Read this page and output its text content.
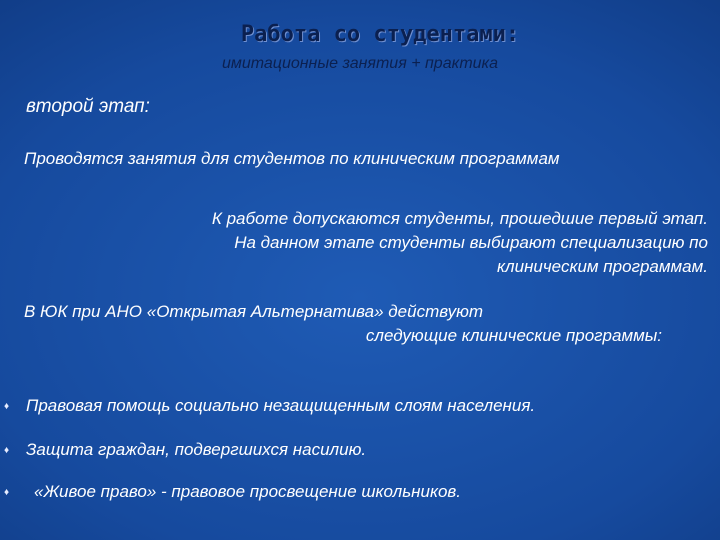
Работа со студентами:
имитационные занятия + практика
второй этап:
Проводятся занятия для студентов по клиническим программам
К работе допускаются студенты, прошедшие первый этап.
На данном этапе студенты выбирают специализацию по
клиническим программам.
В ЮК при АНО «Открытая Альтернатива» действуют
следующие клинические программы:
♦ Правовая помощь социально незащищенным слоям населения.
♦ Защита граждан, подвергшихся насилию.
♦ «Живое право» - правовое просвещение школьников.
